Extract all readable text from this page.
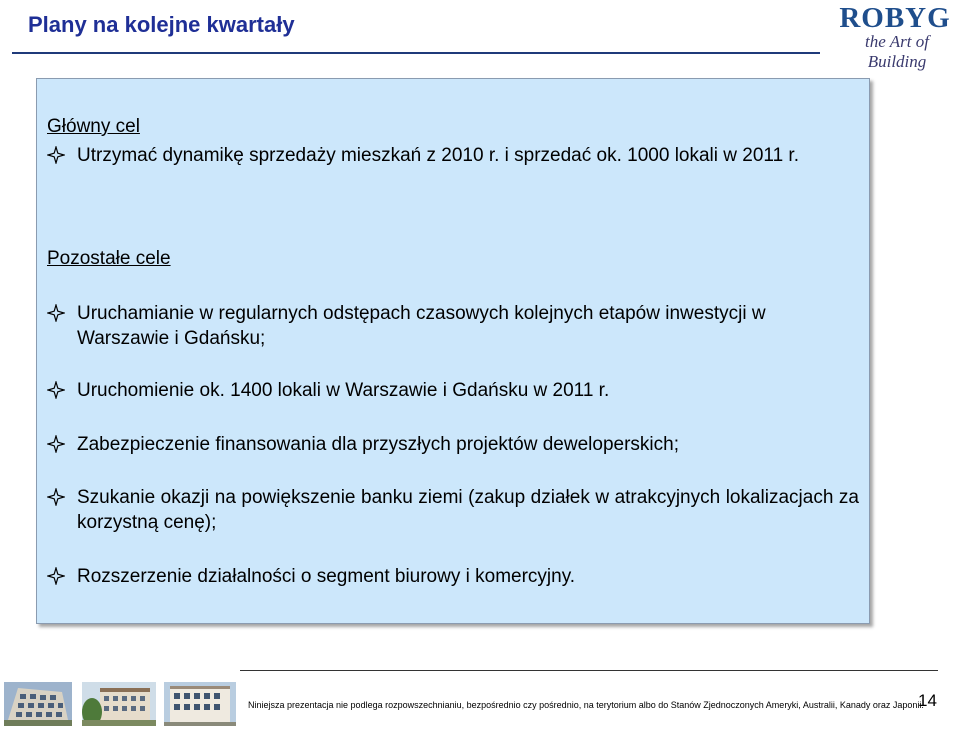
Plany na kolejne kwartały	ROBYG
the Art of Building
Główny cel
Utrzymać dynamikę sprzedaży mieszkań z 2010 r. i sprzedać ok. 1000 lokali w 2011 r.
Pozostałe cele
Uruchamianie w regularnych odstępach czasowych kolejnych etapów inwestycji w Warszawie i Gdańsku;
Uruchomienie ok. 1400 lokali w Warszawie i Gdańsku w 2011 r.
Zabezpieczenie finansowania dla przyszłych projektów deweloperskich;
Szukanie okazji na powiększenie banku ziemi (zakup działek w atrakcyjnych lokalizacjach za korzystną cenę);
Rozszerzenie działalności o segment biurowy i komercyjny.
Niniejsza prezentacja nie podlega rozpowszechnianiu, bezpośrednio czy pośrednio, na terytorium albo do Stanów Zjednoczonych Ameryki, Australii, Kanady oraz Japonii.
14
